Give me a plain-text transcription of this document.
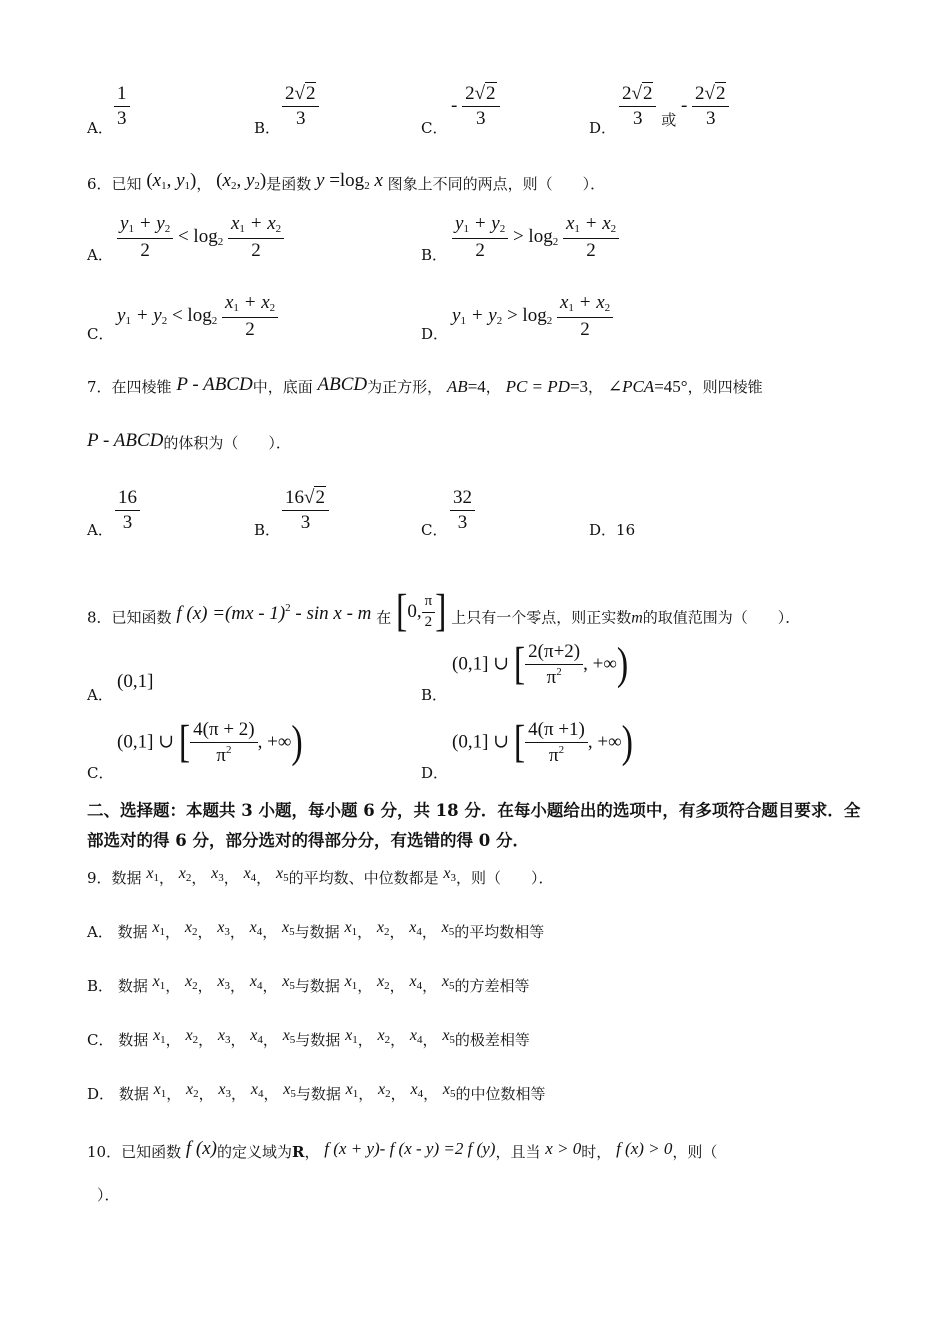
A． $\frac{1}{3}$	B． $\frac{2√2}{3}$	C．
- $\frac{2√2}{3}$	D． $\frac{2√2}{3} _或 - \frac{2√2}{3}$
6．已知 ($x_1$, $y_1$)， ($x_2$, $y_2$)是函数 $y =\log_2$ x 图象上不同的两点，则（　　）．
A． $\frac{y_1 + y_2}{2} < \log_2 \frac{x_1 + x_2}{2}$	B． $\frac{y_1 + y_2}{2} > \log_2 \frac{x_1 + x_2}{2}$
C．
$y_1 + y_2 < \log_2 \frac{x_1 + x_2}{2}$	D．
$y_1 + y_2 > \log_2 \frac{x_1 + x_2}{2}$
7．在四棱锥 P - ABCD中，底面 ABCD为正方形， AB=4， PC = PD=3， ∠PCA=45°，则四棱锥
P - ABCD的体积为（　　）．
A． $\frac{16}{3}$	B． $\frac{16√2}{3}$	C． $\frac{32}{3}$	D．16
8．已知函数 f (x) =(mx - 1)$^2$ - sin x - m 在 [0, $\frac{\pi}{2}$ ] 上只有一个零点，则正实数m的取值范围为（　　）．
A．
(0,1]
B．
(0,1] ∪ [ $\frac{2(\pi+2)}{\pi^2}$ , +∞)
C．
(0,1] ∪ [ $\frac{4(\pi + 2)}{\pi^2}$ , +∞)
D．
(0,1] ∪ [ $\frac{4(\pi +1)}{\pi^2}$ , +∞)
二、选择题：本题共 3 小题，每小题 6 分，共 18 分．在每小题给出的选项中，有多项符合题目要求．全部选对的得 6 分，部分选对的得部分分，有选错的得 0 分．
9．数据 $x_1$， $x_2$， $x_3$， $x_4$， $x_5$的平均数、中位数都是 $x_3$，则（　　）．
A． 数据 $x_1$， $x_2$， $x_3$， $x_4$， $x_5$与数据 $x_1$， $x_2$， $x_4$， $x_5$的平均数相等
B． 数据 $x_1$， $x_2$， $x_3$， $x_4$， $x_5$与数据 $x_1$， $x_2$， $x_4$， $x_5$的方差相等
C． 数据 $x_1$， $x_2$， $x_3$， $x_4$， $x_5$与数据 $x_1$， $x_2$， $x_4$， $x_5$的极差相等
D． 数据 $x_1$， $x_2$， $x_3$， $x_4$， $x_5$与数据 $x_1$， $x_2$， $x_4$， $x_5$的中位数相等
10．已知函数 f (x)的定义域为R， f (x + y)- f (x - y) =2 f (y)，且当 x > 0时， f (x) > 0，则（
）．
